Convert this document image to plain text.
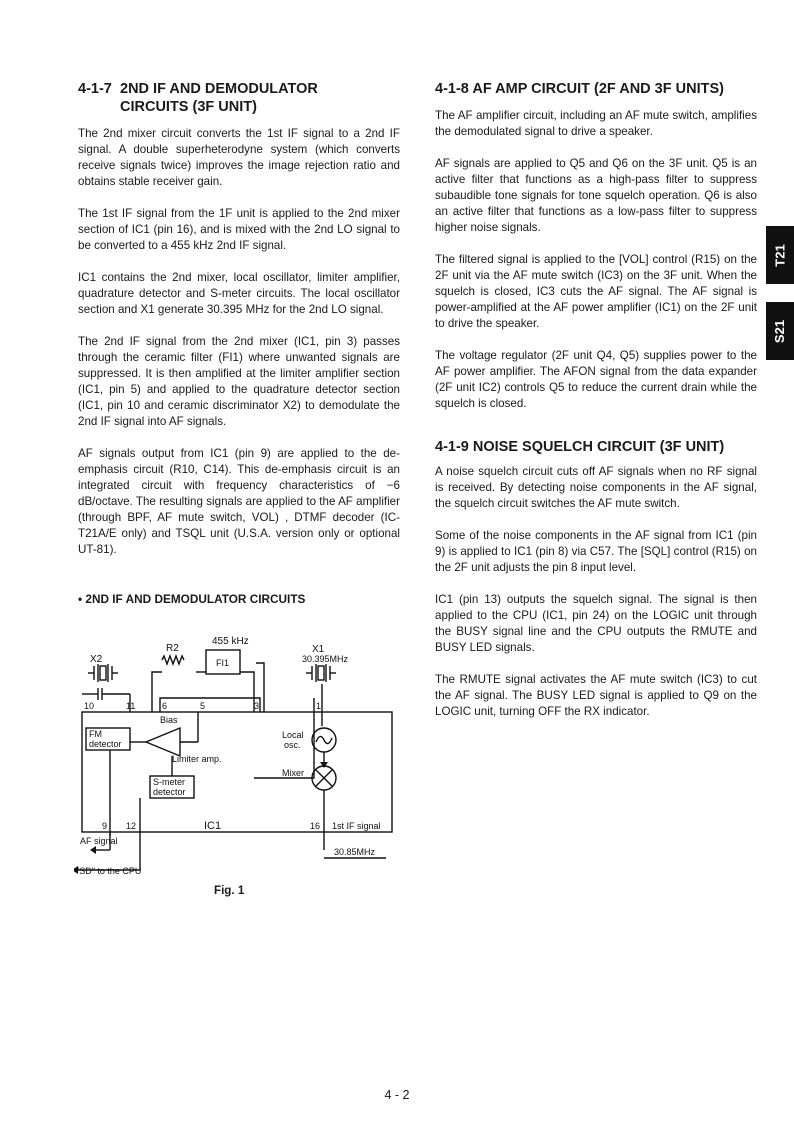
4-1-7 2ND IF AND DEMODULATOR
CIRCUITS (3F UNIT)

The 2nd mixer circuit converts the 1st IF signal to a 2nd IF signal. A double superheterodyne system (which converts receive signals twice) improves the image rejection ratio and obtains stable receiver gain.

The 1st IF signal from the 1F unit is applied to the 2nd mixer section of IC1 (pin 16), and is mixed with the 2nd LO signal to be converted to a 455 kHz 2nd IF signal.

IC1 contains the 2nd mixer, local oscillator, limiter amplifier, quadrature detector and S-meter circuits. The local oscillator section and X1 generate 30.395 MHz for the 2nd LO signal.

The 2nd IF signal from the 2nd mixer (IC1, pin 3) passes through the ceramic filter (FI1) where unwanted signals are suppressed. It is then amplified at the limiter amplifier section (IC1, pin 5) and applied to the quadrature detector section (IC1, pin 10 and ceramic discriminator X2) to demodulate the 2nd IF signal into AF signals.

AF signals output from IC1 (pin 9) are applied to the de-emphasis circuit (R10, C14). This de-emphasis circuit is an integrated circuit with frequency characteristics of −6 dB/octave. The resulting signals are applied to the AF amplifier (through BPF, AF mute switch, VOL) , DTMF decoder (IC-T21A/E only) and TSQL unit (U.S.A. version only or optional UT-81).

• 2ND IF AND DEMODULATOR CIRCUITS
455 kHz
R2
FI1
X1
30.395MHz
X2
10	11	6	5	3	1
Bias
FM
detector
Local
osc.
Limiter amp.
Mixer
S-meter
detector
9 12	IC1	16 1st IF signal
30.85MHz
AF signal
"SD" to the CPU
Fig. 1
4-1-8 AF AMP CIRCUIT (2F AND 3F UNITS)

The AF amplifier circuit, including an AF mute switch, amplifies the demodulated signal to drive a speaker.

AF signals are applied to Q5 and Q6 on the 3F unit. Q5 is an active filter that functions as a high-pass filter to suppress subaudible tone signals for tone squelch operation. Q6 is also an active filter that functions as a low-pass filter to suppress higher noise signals.

The filtered signal is applied to the [VOL] control (R15) on the 2F unit via the AF mute switch (IC3) on the 3F unit. When the squelch is closed, IC3 cuts the AF signal. The AF signal is power-amplified at the AF power amplifier (IC1) on the 2F unit to drive the speaker.

The voltage regulator (2F unit Q4, Q5) supplies power to the AF power amplifier. The AFON signal from the data expander (2F unit IC2) controls Q5 to reduce the current drain while the squelch is closed.

4-1-9 NOISE SQUELCH CIRCUIT (3F UNIT)

A noise squelch circuit cuts off AF signals when no RF signal is received. By detecting noise components in the AF signal, the squelch circuit switches the AF mute switch.

Some of the noise components in the AF signal from IC1 (pin 9) is applied to IC1 (pin 8) via C57. The [SQL] control (R15) on the 2F unit adjusts the pin 8 input level.

IC1 (pin 13) outputs the squelch signal. The signal is then applied to the CPU (IC1, pin 24) on the LOGIC unit through the BUSY signal line and the CPU outputs the RMUTE and BUSY LED signals.

The RMUTE signal activates the AF mute switch (IC3) to cut the AF signal. The BUSY LED signal is applied to Q9 on the LOGIC unit, turning OFF the RX indicator.

T21
S21
4 - 2
